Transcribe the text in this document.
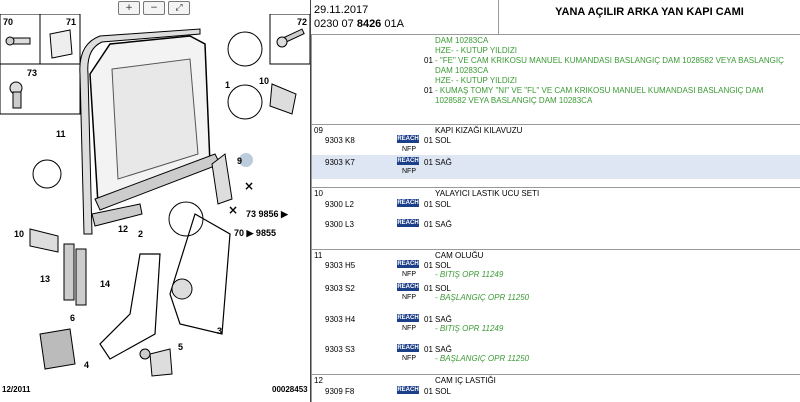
+	−	⤢
×
×
70	71	72
73
1
2
3
4
5
6
9
10
11
12
10
13	14
73 9856 ▶
70 ▶ 9855
12/2011	00028453
29.11.2017
0230 07 8426 01A
YANA AÇILIR ARKA YAN KAPI CAMI
DAM 10283CA
HZE- - KUTUP YILDIZI
01 - "FE" VE CAM KRIKOSU MANUEL KUMANDASI BASLANGIÇ DAM 1028582 VEYA BASLANGIÇ
DAM 10283CA
HZE- - KUTUP YILDIZI
01 - KUMAŞ TOMY "NI" VE "FL" VE CAM KRIKOSU MANUEL KUMANDASI BASLANGIÇ DAM
1028582 VEYA BASLANGIÇ DAM 10283CA
09	KAPI KIZAĞI KILAVUZU
9303 K8	REACH 01 SOL
NFP
9303 K7	REACH 01 SAĞ
NFP
10	YALAYICI LASTIK UCU SETI
9300 L2	REACH 01 SOL
9300 L3	REACH 01 SAĞ
11	CAM OLUĞU
9303 H5	REACH 01 SOL
NFP - BITIŞ OPR 11249
9303 S2	REACH 01 SOL
NFP - BAŞLANGIÇ OPR 11250
9303 H4	REACH 01 SAĞ
NFP - BITIŞ OPR 11249
9303 S3	REACH 01 SAĞ
NFP - BAŞLANGIÇ OPR 11250
12	CAM IÇ LASTIĞI
9309 F8	REACH 01 SOL
